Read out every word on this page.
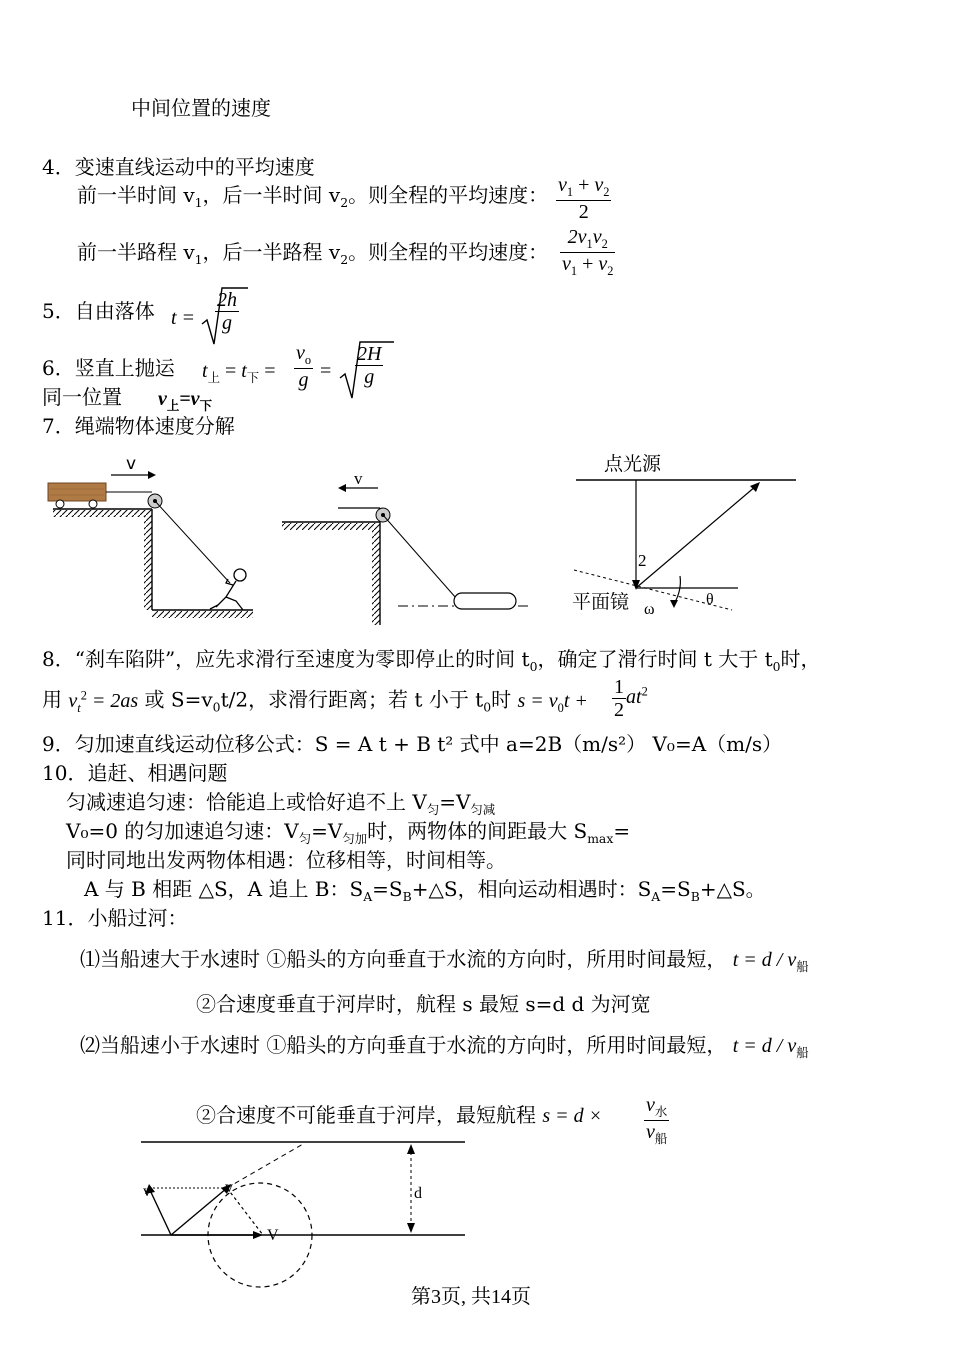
中间位置的速度
4．变速直线运动中的平均速度
前一半时间 $v_1$，后一半时间 $v_2$。则全程的平均速度： $\frac{v_1 + v_2}{2}$
前一半路程 $v_1$，后一半路程 $v_2$。则全程的平均速度： $\frac{2v_1v_2}{v_1 + v_2}$
5．自由落体 $t = \frac{2h}{g}$
6．竖直上抛运 $t_上 = t_下 = \frac{v_o}{g} = \frac{2H}{g}$
同一位置 $v_上=v_下$
7．绳端物体速度分解
v
v
点光源
2
平面镜 ω
θ
8．“刹车陷阱”，应先求滑行至速度为零即停止的时间 $t_0$，确定了滑行时间 t 大于 $t_0$时，
用 $v_t^2 = 2as$ 或 $S=v_0t/2$，求滑行距离；若 t 小于 $t_0$时 $s = v_0t + \frac{1}{2} at^2$
9．匀加速直线运动位移公式：S = A t + B t² 式中 a=2B（m/s²） V₀=A（m/s）
10．追赶、相遇问题
匀减速追匀速：恰能追上或恰好追不上 $V_匀=V_{匀减}$
V₀=0 的匀加速追匀速：$V_匀=V_{匀加}$时，两物体的间距最大 $S_{max}=$
同时同地出发两物体相遇：位移相等，时间相等。
A 与 B 相距 △S，A 追上 B：$S_A=S_B+\triangle S$，相向运动相遇时：$S_A=S_B+\triangle S$。
11．小船过河：
⑴当船速大于水速时 ①船头的方向垂直于水流的方向时，所用时间最短， $t = d / v_船$
②合速度垂直于河岸时，航程 s 最短 s=d d 为河宽
⑵当船速小于水速时 ①船头的方向垂直于水流的方向时，所用时间最短， $t = d / v_船$
②合速度不可能垂直于河岸，最短航程 $s = d \times \frac{v_水}{v_船}$
d
v	v
V
第3页, 共14页
